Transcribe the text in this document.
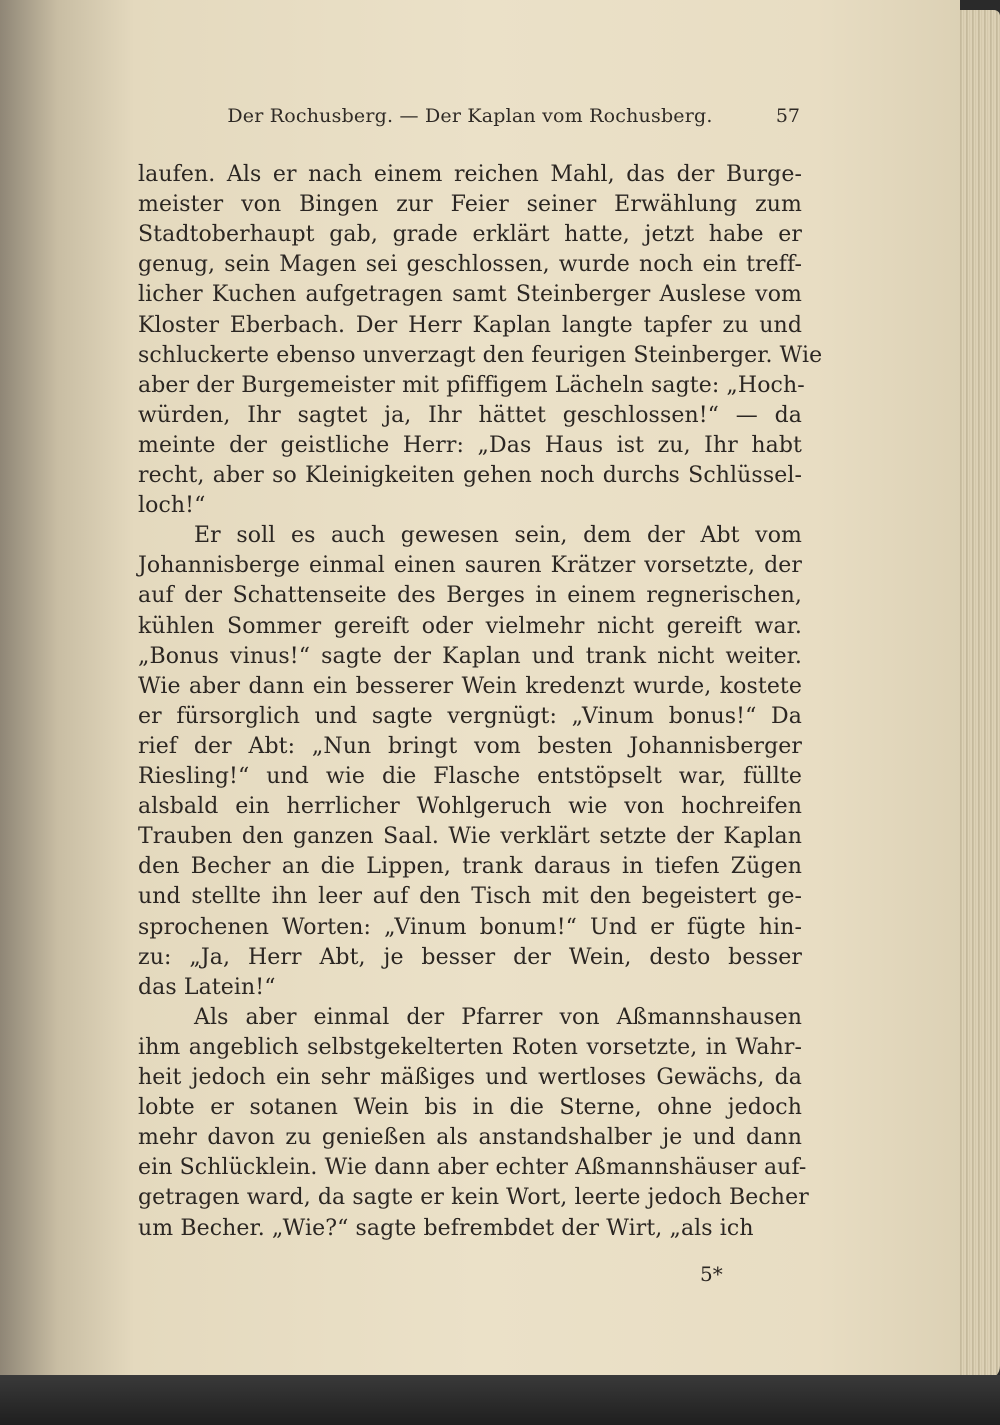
Der Rochusberg. — Der Kaplan vom Rochusberg.	57
laufen. Als er nach einem reichen Mahl, das der Burge-
meister von Bingen zur Feier seiner Erwählung zum
Stadtoberhaupt gab, grade erklärt hatte, jetzt habe er
genug, sein Magen sei geschlossen, wurde noch ein treff-
licher Kuchen aufgetragen samt Steinberger Auslese vom
Kloster Eberbach. Der Herr Kaplan langte tapfer zu und
schluckerte ebenso unverzagt den feurigen Steinberger. Wie
aber der Burgemeister mit pfiffigem Lächeln sagte: „Hoch-
würden, Ihr sagtet ja, Ihr hättet geschlossen!“ — da
meinte der geistliche Herr: „Das Haus ist zu, Ihr habt
recht, aber so Kleinigkeiten gehen noch durchs Schlüssel-
loch!“
Er soll es auch gewesen sein, dem der Abt vom
Johannisberge einmal einen sauren Krätzer vorsetzte, der
auf der Schattenseite des Berges in einem regnerischen,
kühlen Sommer gereift oder vielmehr nicht gereift war.
„Bonus vinus!“ sagte der Kaplan und trank nicht weiter.
Wie aber dann ein besserer Wein kredenzt wurde, kostete
er fürsorglich und sagte vergnügt: „Vinum bonus!“ Da
rief der Abt: „Nun bringt vom besten Johannisberger
Riesling!“ und wie die Flasche entstöpselt war, füllte
alsbald ein herrlicher Wohlgeruch wie von hochreifen
Trauben den ganzen Saal. Wie verklärt setzte der Kaplan
den Becher an die Lippen, trank daraus in tiefen Zügen
und stellte ihn leer auf den Tisch mit den begeistert ge-
sprochenen Worten: „Vinum bonum!“ Und er fügte hin-
zu: „Ja, Herr Abt, je besser der Wein, desto besser
das Latein!“
Als aber einmal der Pfarrer von Aßmannshausen
ihm angeblich selbstgekelterten Roten vorsetzte, in Wahr-
heit jedoch ein sehr mäßiges und wertloses Gewächs, da
lobte er sotanen Wein bis in die Sterne, ohne jedoch
mehr davon zu genießen als anstandshalber je und dann
ein Schlücklein. Wie dann aber echter Aßmannshäuser auf-
getragen ward, da sagte er kein Wort, leerte jedoch Becher
um Becher. „Wie?“ sagte befrembdet der Wirt, „als ich
5*
